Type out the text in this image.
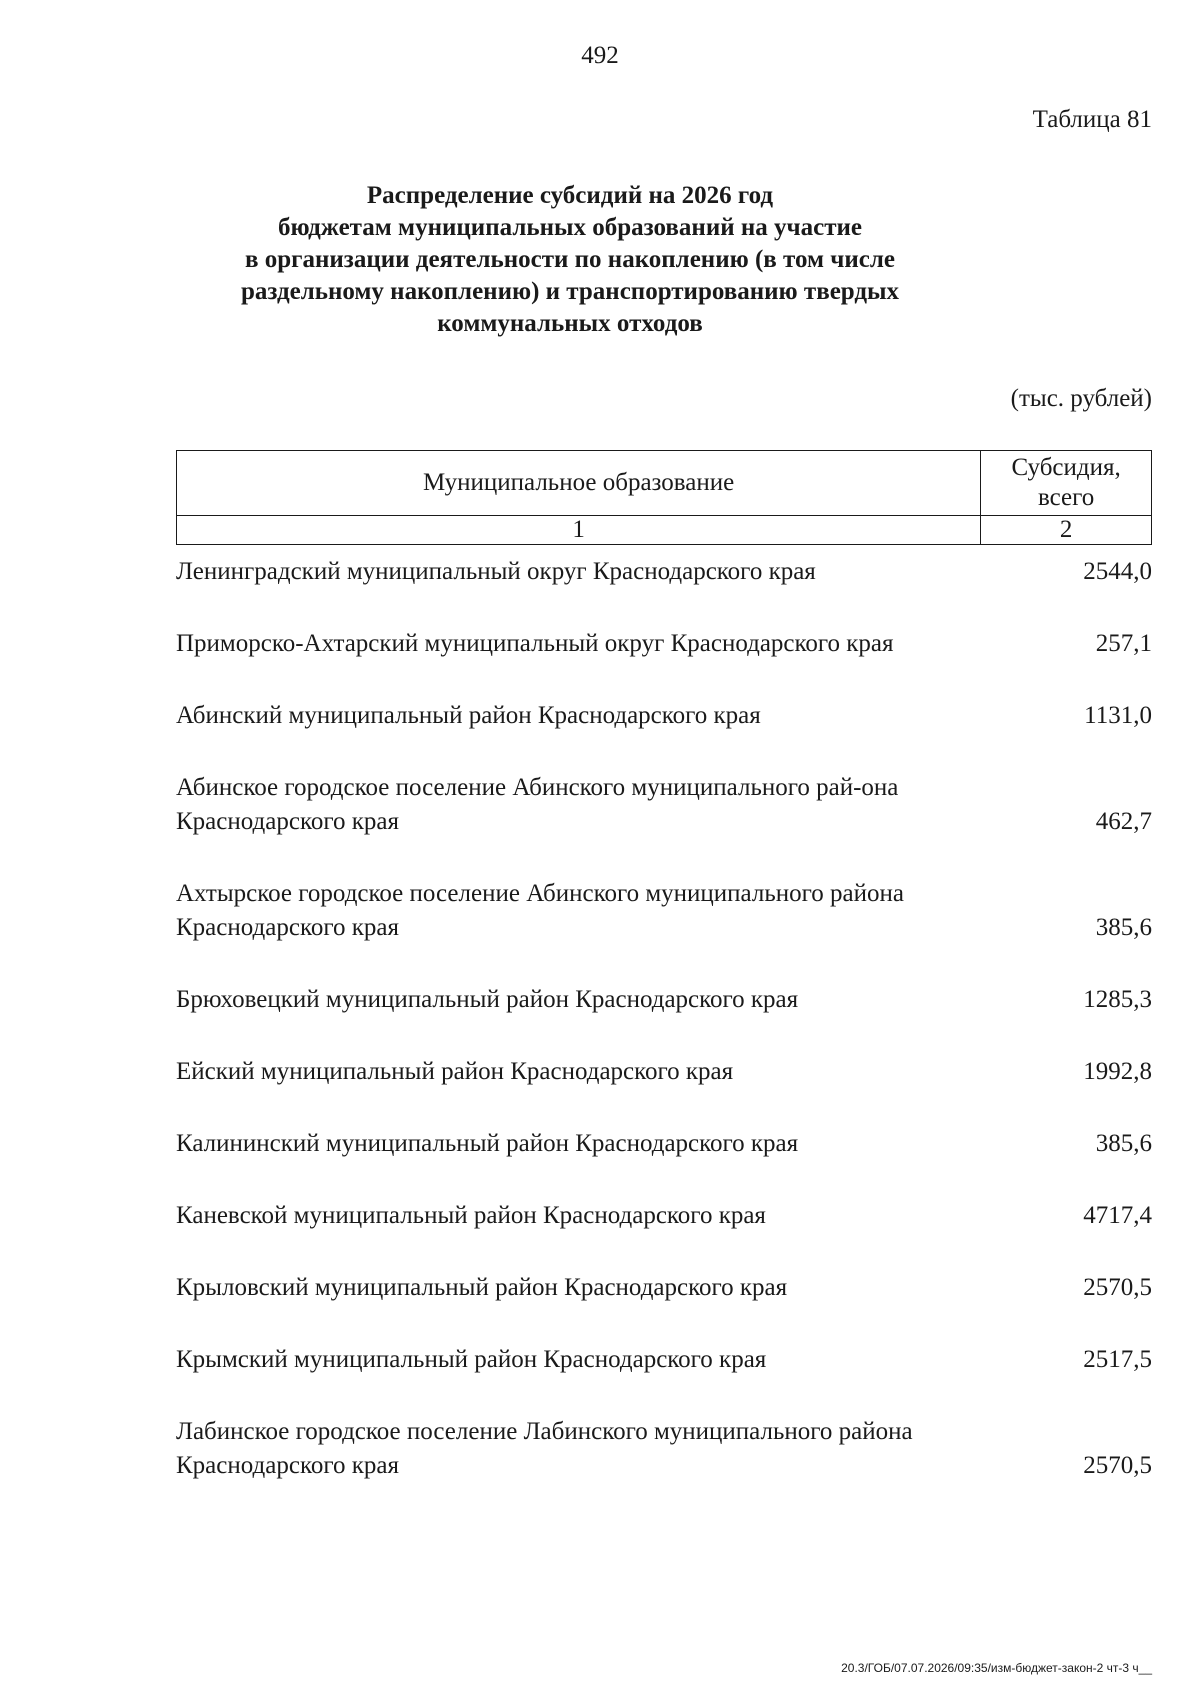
492
Таблица 81
Распределение субсидий на 2026 год
бюджетам муниципальных образований на участие
в организации деятельности по накоплению (в том числе
раздельному накоплению) и транспортированию твердых
коммунальных отходов
(тыс. рублей)
Муниципальное образование	Субсидия,
всего

1	2
Ленинградский муниципальный округ Краснодарского края	2544,0
Приморско-Ахтарский муниципальный округ Краснодарского края	257,1
Абинский муниципальный район Краснодарского края	1131,0
Абинское городское поселение Абинского муниципального рай-она Краснодарского края	462,7
Ахтырское городское поселение Абинского муниципального района Краснодарского края	385,6
Брюховецкий муниципальный район Краснодарского края	1285,3
Ейский муниципальный район Краснодарского края	1992,8
Калининский муниципальный район Краснодарского края	385,6
Каневской муниципальный район Краснодарского края	4717,4
Крыловский муниципальный район Краснодарского края	2570,5
Крымский муниципальный район Краснодарского края	2517,5
Лабинское городское поселение Лабинского муниципального района Краснодарского края	2570,5
20.3/ГОБ/07.07.2026/09:35/изм-бюджет-закон-2 чт-3 ч__
